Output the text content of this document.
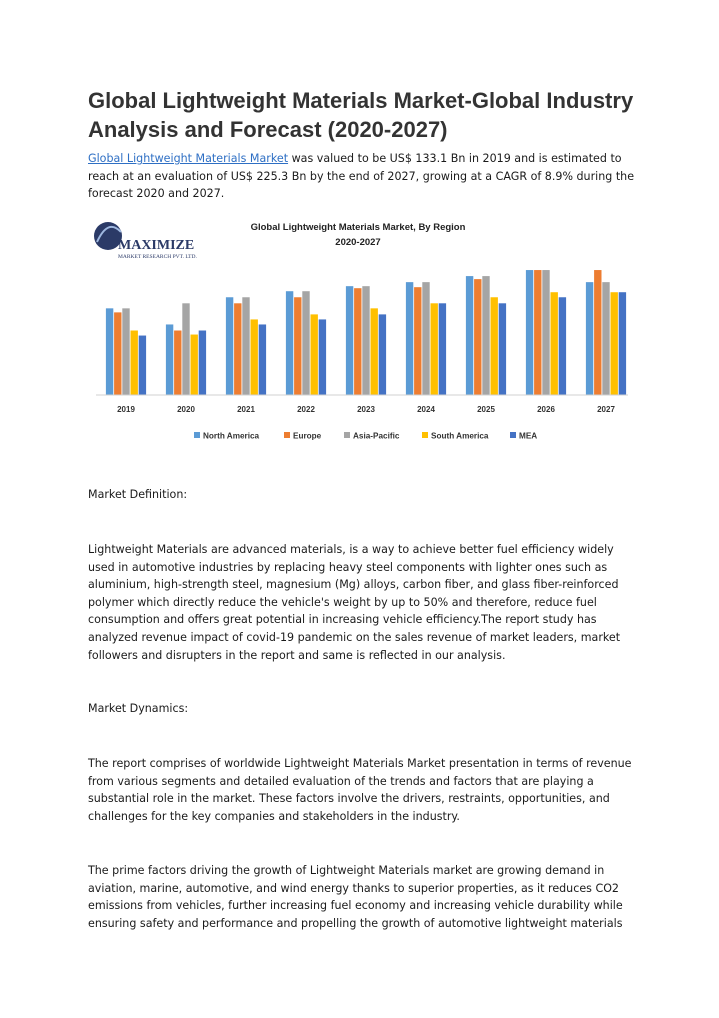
Global Lightweight Materials Market-Global Industry Analysis and Forecast (2020-2027)

Global Lightweight Materials Market was valued to be US$ 133.1 Bn in 2019 and is estimated to reach at an evaluation of US$ 225.3 Bn by the end of 2027, growing at a CAGR of 8.9% during the forecast 2020 and 2027.

MAXIMIZE
MARKET RESEARCH PVT. LTD.
Global Lightweight Materials Market, By Region
2020-2027
2019	2020	2021	2022	2023	2024	2025	2026	2027
North America	Europe	Asia-Pacific	South America	MEA

Market Definition:

Lightweight Materials are advanced materials, is a way to achieve better fuel efficiency widely used in automotive industries by replacing heavy steel components with lighter ones such as aluminium, high-strength steel, magnesium (Mg) alloys, carbon fiber, and glass fiber-reinforced polymer which directly reduce the vehicle's weight by up to 50% and therefore, reduce fuel consumption and offers great potential in increasing vehicle efficiency.The report study has analyzed revenue impact of covid-19 pandemic on the sales revenue of market leaders, market followers and disrupters in the report and same is reflected in our analysis.

Market Dynamics:

The report comprises of worldwide Lightweight Materials Market presentation in terms of revenue from various segments and detailed evaluation of the trends and factors that are playing a substantial role in the market. These factors involve the drivers, restraints, opportunities, and challenges for the key companies and stakeholders in the industry.

The prime factors driving the growth of Lightweight Materials market are growing demand in aviation, marine, automotive, and wind energy thanks to superior properties, as it reduces CO2 emissions from vehicles, further increasing fuel economy and increasing vehicle durability while ensuring safety and performance and propelling the growth of automotive lightweight materials
